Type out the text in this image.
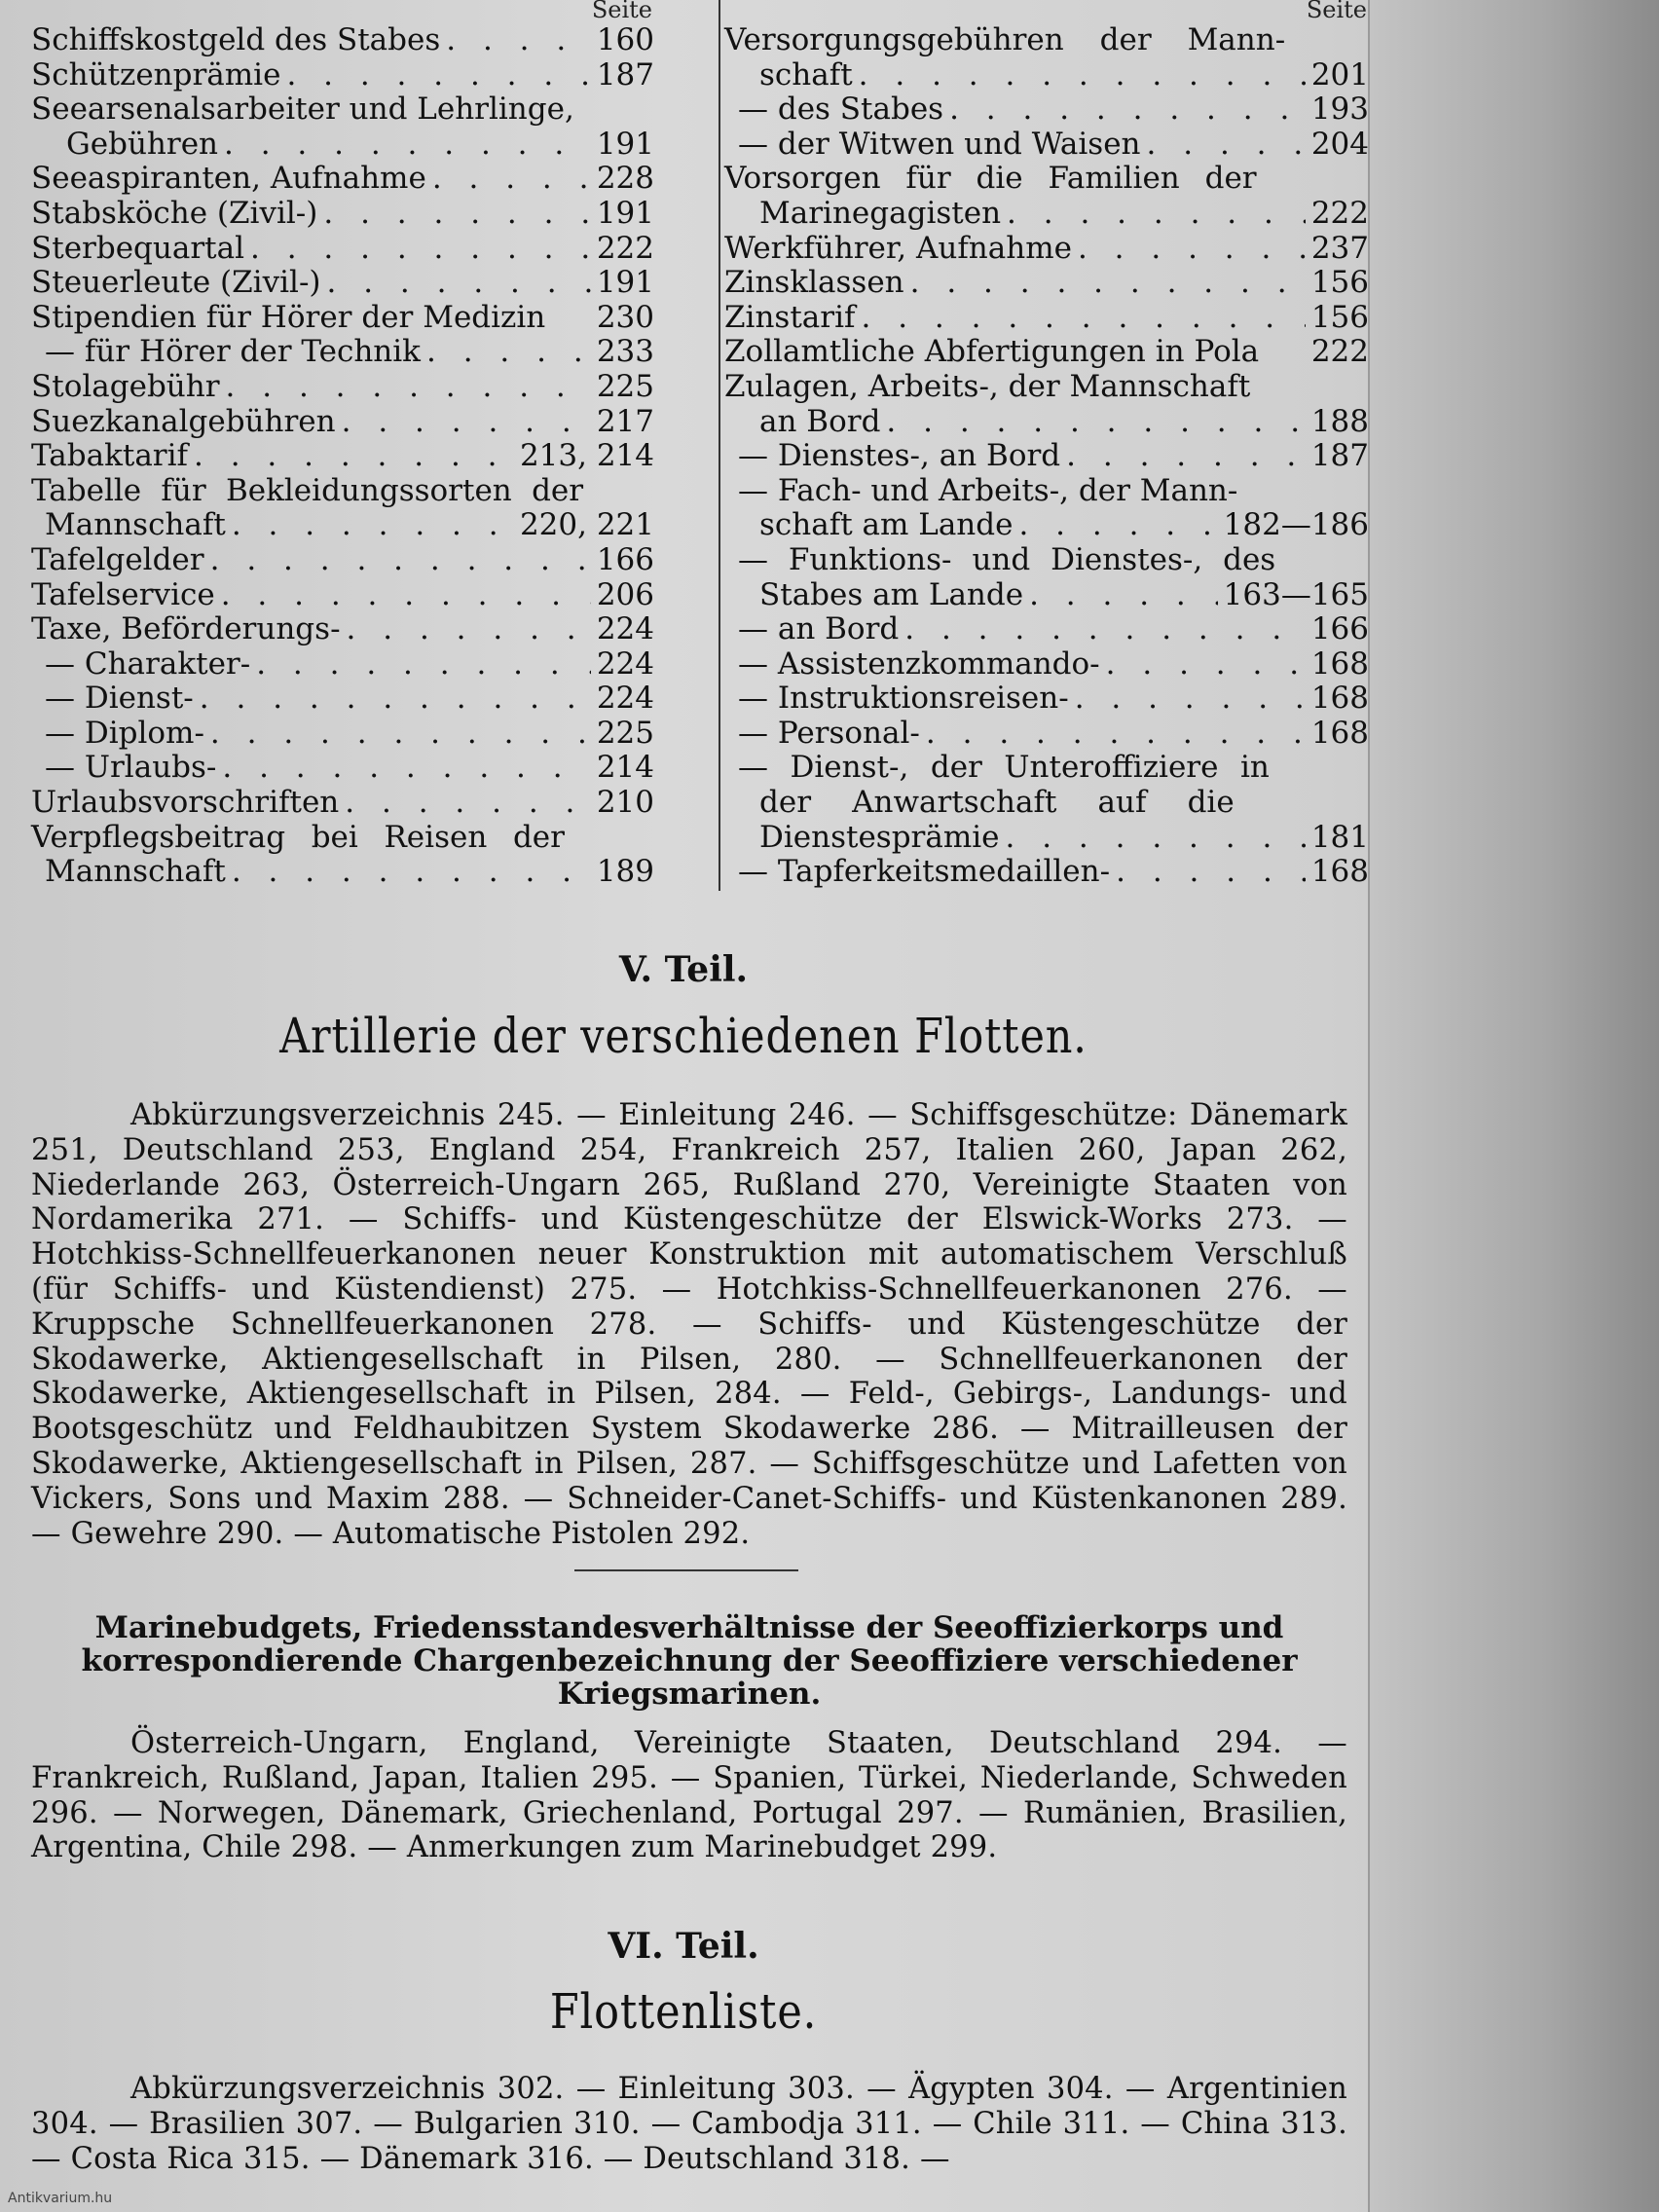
Seite
Schiffskostgeld des Stabes . . .	160
Schützenprämie . . .	187
Seearsenalsarbeiter und Lehrlinge,
Gebühren . . .	191
Seeaspiranten, Aufnahme . . .	228
Stabsköche (Zivil-) . . .	191
Sterbequartal . . .	222
Steuerleute (Zivil-) . . .	191
Stipendien für Hörer der Medizin 230
— für Hörer der Technik . . .	233
Stolagebühr . . .	225
Suezkanalgebühren . . .	217
Tabaktarif . . .	213, 214
Tabelle für Bekleidungssorten der
Mannschaft . . .	220, 221
Tafelgelder . . .	166
Tafelservice . . .	206
Taxe, Beförderungs- . . .	224
— Charakter- . . .	224
— Dienst- . . .	224
— Diplom- . . .	225
— Urlaubs- . . .	214
Urlaubsvorschriften . . .	210
Verpflegsbeitrag bei Reisen der
Mannschaft . . .	189
Seite
Versorgungsgebühren der Mann-
schaft . . .	201
— des Stabes . . .	193
— der Witwen und Waisen . . .	204
Vorsorgen für die Familien der
Marinegagisten . . .	222
Werkführer, Aufnahme . . .	237
Zinsklassen . . .	156
Zinstarif . . .	156
Zollamtliche Abfertigungen in Pola 222
Zulagen, Arbeits-, der Mannschaft
an Bord . . .	188
— Dienstes-, an Bord . . .	187
— Fach- und Arbeits-, der Mann-
schaft am Lande . . .	182—186
— Funktions- und Dienstes-, des
Stabes am Lande . . .	163—165
— an Bord . . .	166
— Assistenzkommando- . . .	168
— Instruktionsreisen- . . .	168
— Personal- . . .	168
— Dienst-, der Unteroffiziere in
der Anwartschaft auf die
Dienstesprämie . . .	181
— Tapferkeitsmedaillen- . . .	168
V. Teil.
Artillerie der verschiedenen Flotten.
Abkürzungsverzeichnis 245. — Einleitung 246. — Schiffsgeschütze: Dänemark 251, Deutschland 253, England 254, Frankreich 257, Italien 260, Japan 262, Niederlande 263, Österreich-Ungarn 265, Rußland 270, Vereinigte Staaten von Nordamerika 271. — Schiffs- und Küstengeschütze der Elswick-Works 273. — Hotchkiss-Schnellfeuerkanonen neuer Konstruktion mit automatischem Verschluß (für Schiffs- und Küstendienst) 275. — Hotchkiss-Schnellfeuerkanonen 276. — Kruppsche Schnellfeuerkanonen 278. — Schiffs- und Küstengeschütze der Skodawerke, Aktiengesellschaft in Pilsen, 280. — Schnellfeuerkanonen der Skodawerke, Aktiengesellschaft in Pilsen, 284. — Feld-, Gebirgs-, Landungs- und Bootsgeschütz und Feldhaubitzen System Skodawerke 286. — Mitrailleusen der Skodawerke, Aktiengesellschaft in Pilsen, 287. — Schiffsgeschütze und Lafetten von Vickers, Sons und Maxim 288. — Schneider-Canet-Schiffs- und Küstenkanonen 289. — Gewehre 290. — Automatische Pistolen 292.
Marinebudgets, Friedensstandesverhältnisse der Seeoffizierkorps und korrespondierende Chargenbezeichnung der Seeoffiziere verschiedener Kriegsmarinen.
Österreich-Ungarn, England, Vereinigte Staaten, Deutschland 294. — Frankreich, Rußland, Japan, Italien 295. — Spanien, Türkei, Niederlande, Schweden 296. — Norwegen, Dänemark, Griechenland, Portugal 297. — Rumänien, Brasilien, Argentina, Chile 298. — Anmerkungen zum Marinebudget 299.
VI. Teil.
Flottenliste.
Abkürzungsverzeichnis 302. — Einleitung 303. — Ägypten 304. — Argentinien 304. — Brasilien 307. — Bulgarien 310. — Cambodja 311. — Chile 311. — China 313. — Costa Rica 315. — Dänemark 316. — Deutschland 318. —
Antikvarium.hu
